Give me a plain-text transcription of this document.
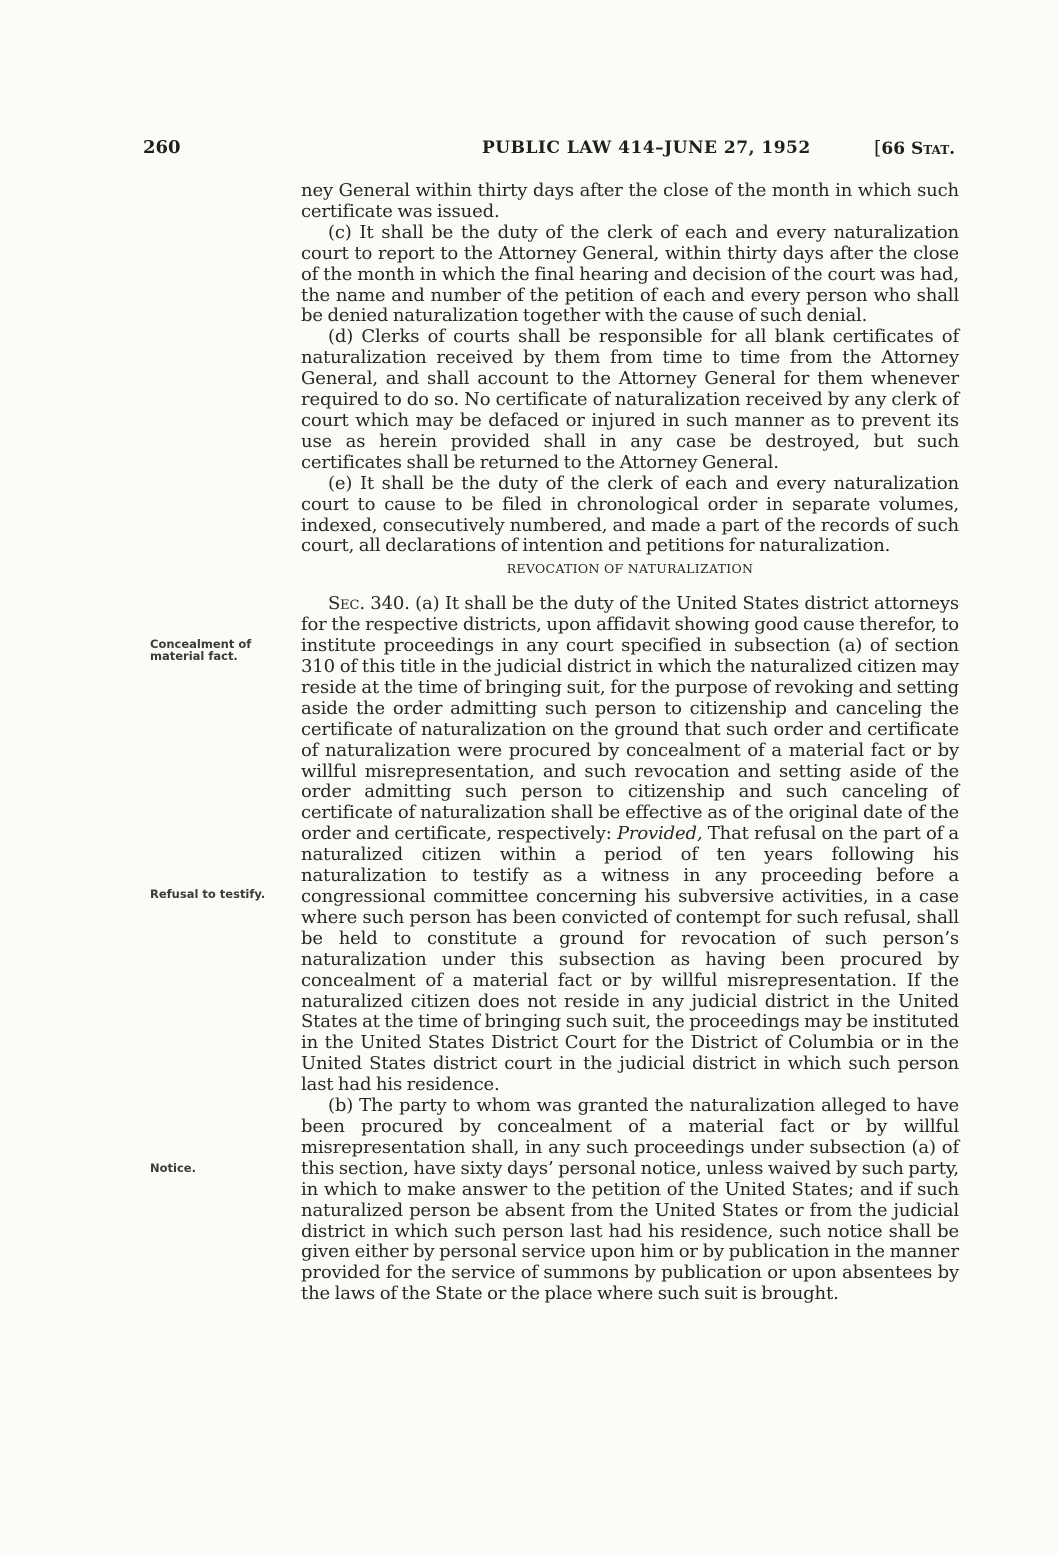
260	PUBLIC LAW 414–JUNE 27, 1952	[66 Stat.
Concealment of material fact.
Refusal to testify.
Notice.

ney General within thirty days after the close of the month in which such certificate was issued.

(c) It shall be the duty of the clerk of each and every naturalization court to report to the Attorney General, within thirty days after the close of the month in which the final hearing and decision of the court was had, the name and number of the petition of each and every person who shall be denied naturalization together with the cause of such denial.

(d) Clerks of courts shall be responsible for all blank certificates of naturalization received by them from time to time from the Attorney General, and shall account to the Attorney General for them whenever required to do so. No certificate of naturalization received by any clerk of court which may be defaced or injured in such manner as to prevent its use as herein provided shall in any case be destroyed, but such certificates shall be returned to the Attorney General.

(e) It shall be the duty of the clerk of each and every naturalization court to cause to be filed in chronological order in separate volumes, indexed, consecutively numbered, and made a part of the records of such court, all declarations of intention and petitions for naturalization.

REVOCATION OF NATURALIZATION

Sec. 340. (a) It shall be the duty of the United States district attorneys for the respective districts, upon affidavit showing good cause therefor, to institute proceedings in any court specified in subsection (a) of section 310 of this title in the judicial district in which the naturalized citizen may reside at the time of bringing suit, for the purpose of revoking and setting aside the order admitting such person to citizenship and canceling the certificate of naturalization on the ground that such order and certificate of naturalization were procured by concealment of a material fact or by willful misrepresentation, and such revocation and setting aside of the order admitting such person to citizenship and such canceling of certificate of naturalization shall be effective as of the original date of the order and certificate, respectively: Provided, That refusal on the part of a naturalized citizen within a period of ten years following his naturalization to testify as a witness in any proceeding before a congressional committee concerning his subversive activities, in a case where such person has been convicted of contempt for such refusal, shall be held to constitute a ground for revocation of such person’s naturalization under this subsection as having been procured by concealment of a material fact or by willful misrepresentation. If the naturalized citizen does not reside in any judicial district in the United States at the time of bringing such suit, the proceedings may be instituted in the United States District Court for the District of Columbia or in the United States district court in the judicial district in which such person last had his residence.

(b) The party to whom was granted the naturalization alleged to have been procured by concealment of a material fact or by willful misrepresentation shall, in any such proceedings under subsection (a) of this section, have sixty days’ personal notice, unless waived by such party, in which to make answer to the petition of the United States; and if such naturalized person be absent from the United States or from the judicial district in which such person last had his residence, such notice shall be given either by personal service upon him or by publication in the manner provided for the service of summons by publication or upon absentees by the laws of the State or the place where such suit is brought.
